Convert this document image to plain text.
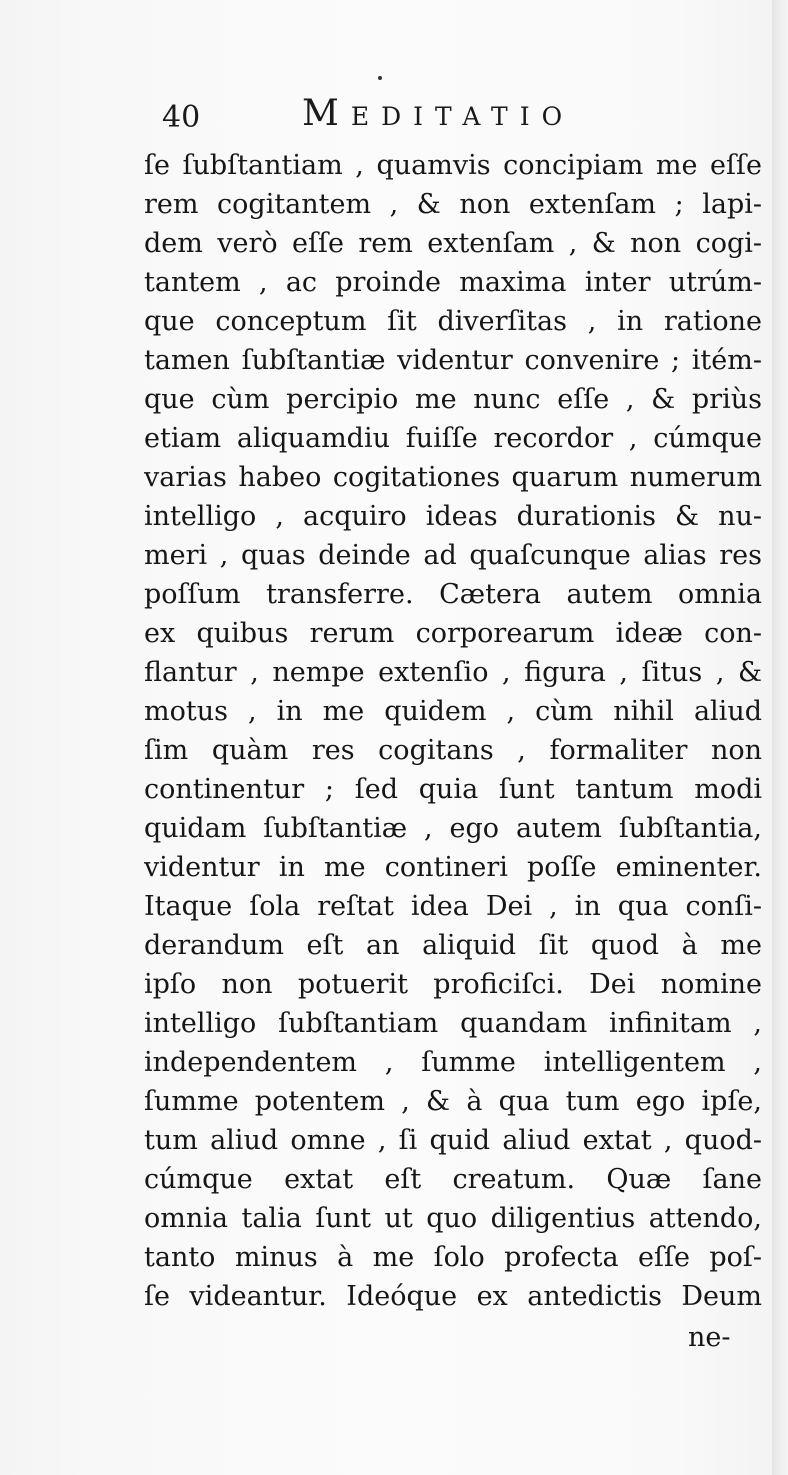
40	Meditatio
ſe ſubſtantiam , quamvis concipiam me eſſe
rem cogitantem , & non extenſam ; lapi-
dem verò eſſe rem extenſam , & non cogi-
tantem , ac proinde maxima inter utrúm-
que conceptum ſit diverſitas , in ratione
tamen ſubſtantiæ videntur convenire ; itém-
que cùm percipio me nunc eſſe , & priùs
etiam aliquamdiu fuiſſe recordor , cúmque
varias habeo cogitationes quarum numerum
intelligo , acquiro ideas durationis & nu-
meri , quas deinde ad quaſcunque alias res
poſſum transferre. Cætera autem omnia
ex quibus rerum corporearum ideæ con-
flantur , nempe extenſio , figura , ſitus , &
motus , in me quidem , cùm nihil aliud
ſim quàm res cogitans , formaliter non
continentur ; ſed quia ſunt tantum modi
quidam ſubſtantiæ , ego autem ſubſtantia,
videntur in me contineri poſſe eminenter.
Itaque ſola reſtat idea Dei , in qua conſi-
derandum eſt an aliquid ſit quod à me
ipſo non potuerit proficiſci. Dei nomine
intelligo ſubſtantiam quandam infinitam ,
independentem , ſumme intelligentem ,
ſumme potentem , & à qua tum ego ipſe,
tum aliud omne , ſi quid aliud extat , quod-
cúmque extat eſt creatum. Quæ ſane
omnia talia ſunt ut quo diligentius attendo,
tanto minus à me ſolo profecta eſſe poſ-
ſe videantur. Ideóque ex antedictis Deum
ne-
